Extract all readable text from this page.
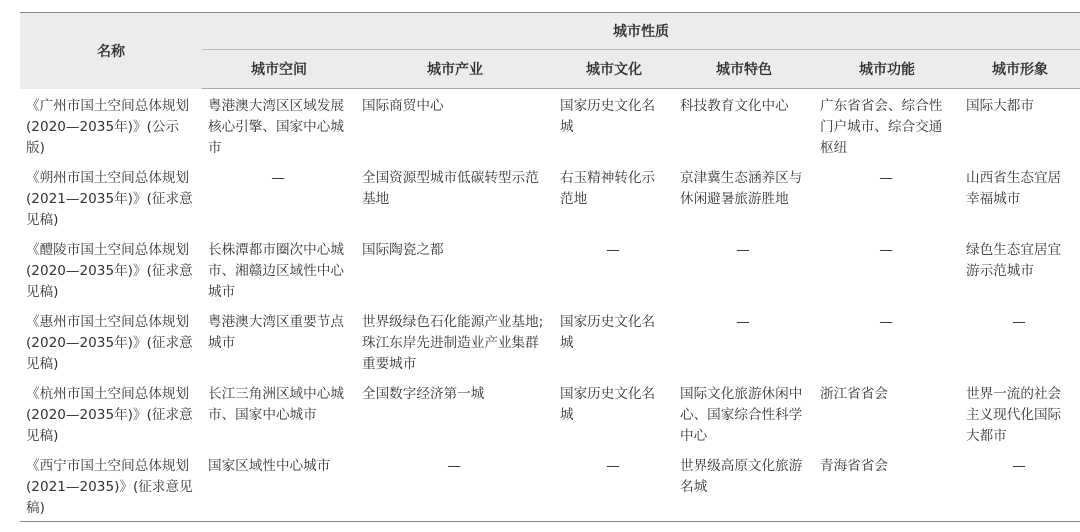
名称	城市性质					
	城市空间	城市产业	城市文化	城市特色	城市功能	城市形象
《广州市国土空间总体规划(2020—2035年)》(公示版)	粤港澳大湾区区域发展核心引擎、国家中心城市	国际商贸中心	国家历史文化名城	科技教育文化中心	广东省省会、综合性门户城市、综合交通枢纽	国际大都市
《朔州市国土空间总体规划(2021—2035年)》(征求意见稿)	—	全国资源型城市低碳转型示范基地	右玉精神转化示范地	京津冀生态涵养区与休闲避暑旅游胜地	—	山西省生态宜居幸福城市
《醴陵市国土空间总体规划(2020—2035年)》(征求意见稿)	长株潭都市圈次中心城市、湘赣边区域性中心城市	国际陶瓷之都	—	—	—	绿色生态宜居宜游示范城市
《惠州市国土空间总体规划(2020—2035年)》(征求意见稿)	粤港澳大湾区重要节点城市	世界级绿色石化能源产业基地;珠江东岸先进制造业产业集群重要城市	国家历史文化名城	—	—	—
《杭州市国土空间总体规划(2020—2035年)》(征求意见稿)	长江三角洲区域中心城市、国家中心城市	全国数字经济第一城	国家历史文化名城	国际文化旅游休闲中心、国家综合性科学中心	浙江省省会	世界一流的社会主义现代化国际大都市
《西宁市国土空间总体规划(2021—2035)》(征求意见稿)	国家区域性中心城市	—	—	世界级高原文化旅游名城	青海省省会	—
